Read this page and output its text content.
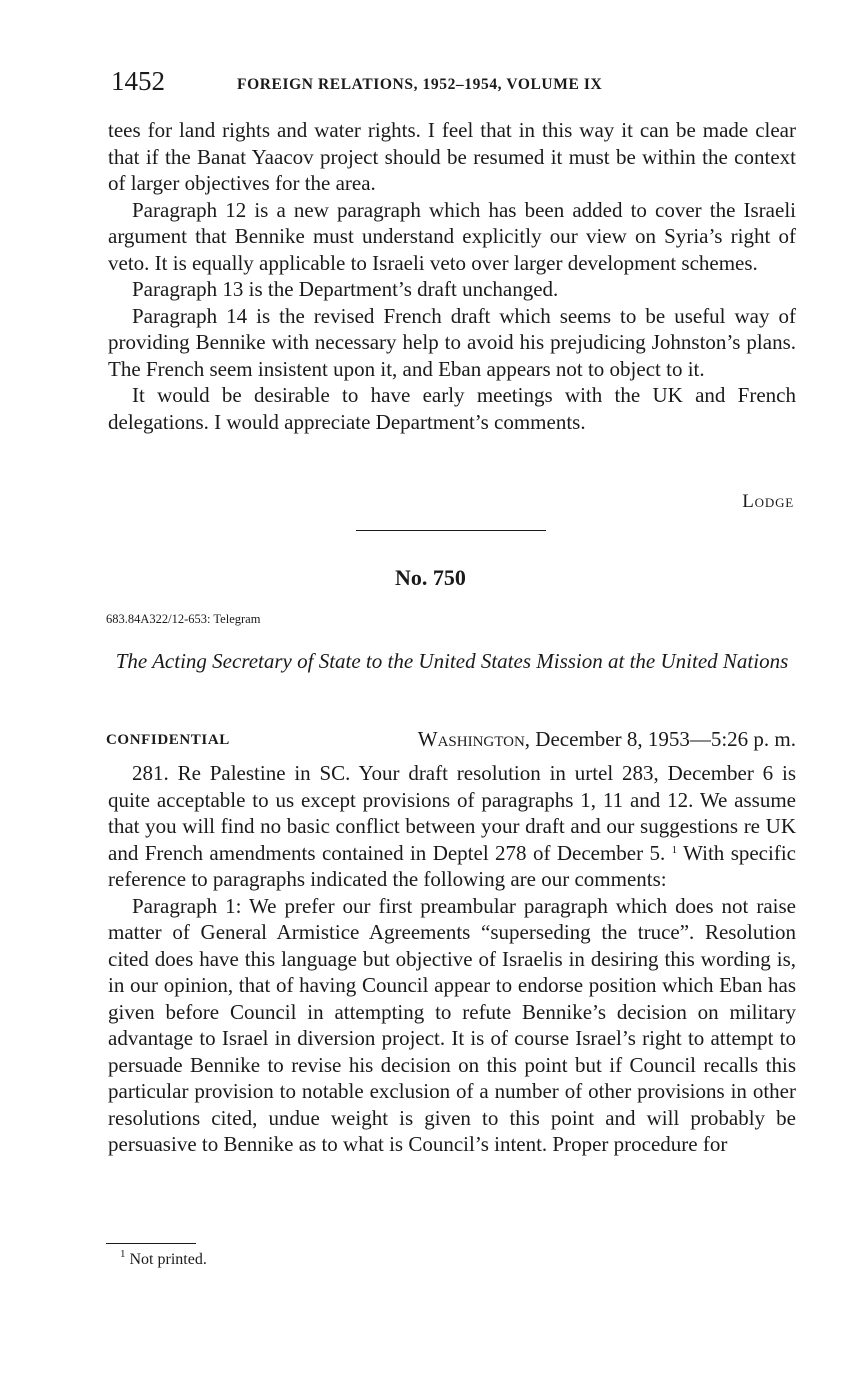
1452	FOREIGN RELATIONS, 1952–1954, VOLUME IX

tees for land rights and water rights. I feel that in this way it can be made clear that if the Banat Yaacov project should be resumed it must be within the context of larger objectives for the area.

Paragraph 12 is a new paragraph which has been added to cover the Israeli argument that Bennike must understand explicitly our view on Syria’s right of veto. It is equally applicable to Israeli veto over larger development schemes.

Paragraph 13 is the Department’s draft unchanged.

Paragraph 14 is the revised French draft which seems to be useful way of providing Bennike with necessary help to avoid his prejudicing Johnston’s plans. The French seem insistent upon it, and Eban appears not to object to it.

It would be desirable to have early meetings with the UK and French delegations. I would appreciate Department’s comments.

Lodge
No. 750
683.84A322/12-653: Telegram
The Acting Secretary of State to the United States Mission at the United Nations
CONFIDENTIAL	Washington, December 8, 1953—5:26 p. m.

281. Re Palestine in SC. Your draft resolution in urtel 283, December 6 is quite acceptable to us except provisions of paragraphs 1, 11 and 12. We assume that you will find no basic conflict between your draft and our suggestions re UK and French amendments contained in Deptel 278 of December 5. $^1$ With specific reference to paragraphs indicated the following are our comments:

Paragraph 1: We prefer our first preambular paragraph which does not raise matter of General Armistice Agreements “superseding the truce”. Resolution cited does have this language but objective of Israelis in desiring this wording is, in our opinion, that of having Council appear to endorse position which Eban has given before Council in attempting to refute Bennike’s decision on military advantage to Israel in diversion project. It is of course Israel’s right to attempt to persuade Bennike to revise his decision on this point but if Council recalls this particular provision to notable exclusion of a number of other provisions in other resolutions cited, undue weight is given to this point and will probably be persuasive to Bennike as to what is Council’s intent. Proper procedure for

$^1$ Not printed.
